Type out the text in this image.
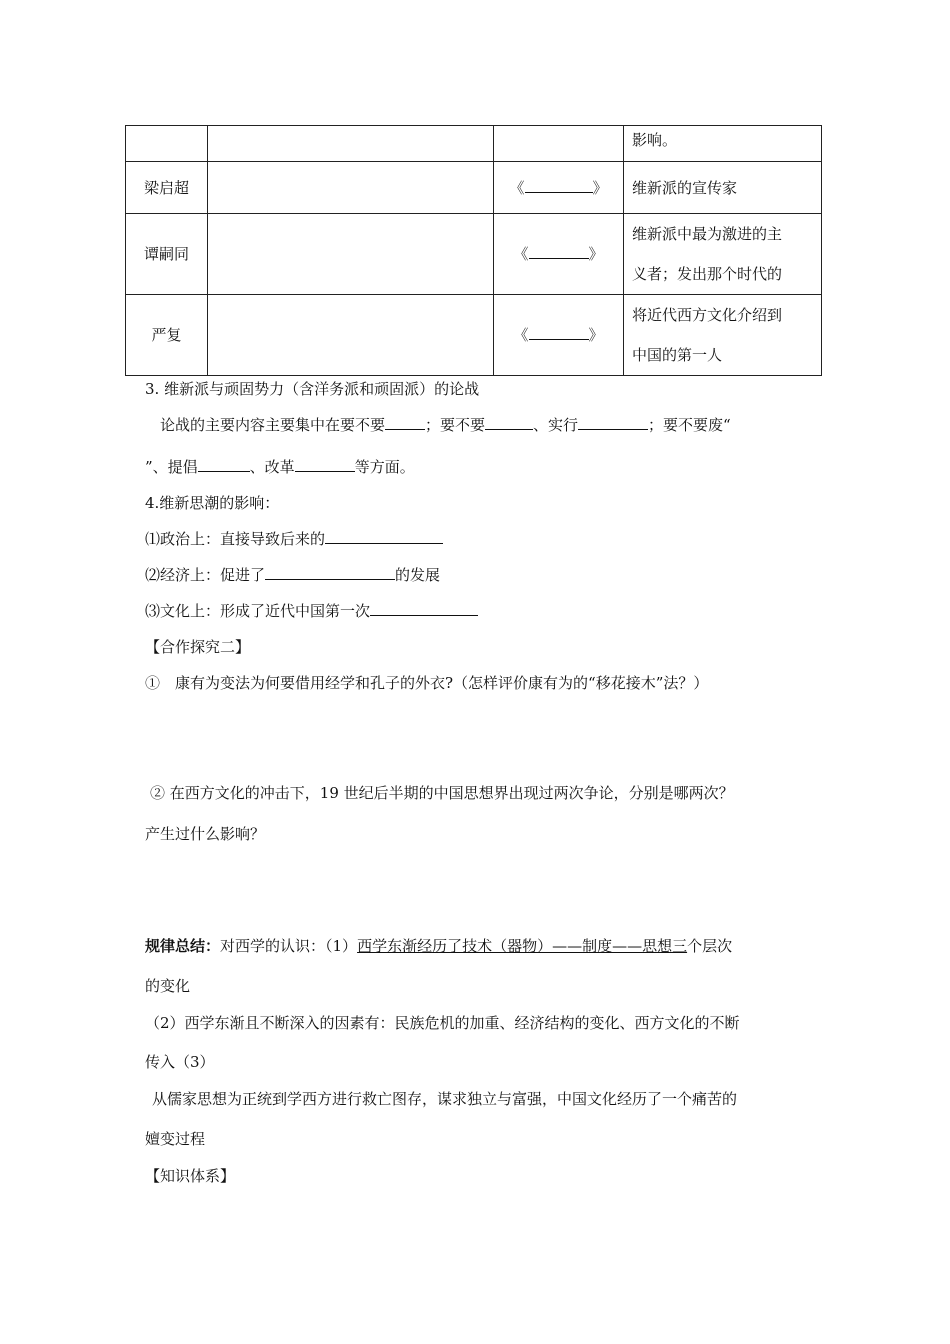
			影响。
梁启超		《 》	维新派的宣传家
谭嗣同		《 》	维新派中最为激进的主
义者；发出那个时代的

严复		《 》	将近代西方文化介绍到
中国的第一人
3. 维新派与顽固势力（含洋务派和顽固派）的论战
论战的主要内容主要集中在要不要	；要不要	、实行	；要不要废“
”、提倡	、改革	等方面。
4.维新思潮的影响：
⑴政治上：直接导致后来的
⑵经济上：促进了	的发展
⑶文化上：形成了近代中国第一次
【合作探究二】
①　康有为变法为何要借用经学和孔子的外衣?（怎样评价康有为的“移花接木”法？）
② 在西方文化的冲击下，19 世纪后半期的中国思想界出现过两次争论，分别是哪两次？
产生过什么影响？
规律总结：对西学的认识：（1）西学东渐经历了技术（器物）——制度——思想三个层次
的变化
（2）西学东渐且不断深入的因素有：民族危机的加重、经济结构的变化、西方文化的不断
传入（3）
从儒家思想为正统到学西方进行救亡图存，谋求独立与富强，中国文化经历了一个痛苦的
嬗变过程
【知识体系】
